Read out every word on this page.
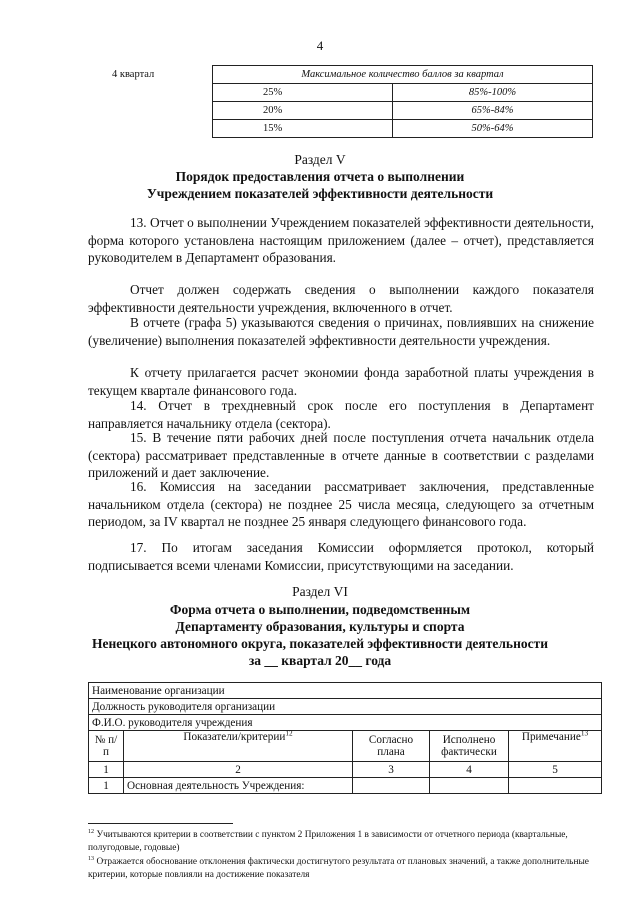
4
4 квартал	Максимальное количество баллов за квартал	
	25%	85%-100%
	20%	65%-84%
	15%	50%-64%
Раздел V
Порядок предоставления отчета о выполнении
Учреждением показателей эффективности деятельности
13. Отчет о выполнении Учреждением показателей эффективности деятельности, форма которого установлена настоящим приложением (далее – отчет), представляется руководителем в Департамент образования.
Отчет должен содержать сведения о выполнении каждого показателя эффективности деятельности учреждения, включенного в отчет.
В отчете (графа 5) указываются сведения о причинах, повлиявших на снижение (увеличение) выполнения показателей эффективности деятельности учреждения.
К отчету прилагается расчет экономии фонда заработной платы учреждения в текущем квартале финансового года.
14. Отчет в трехдневный срок после его поступления в Департамент направляется начальнику отдела (сектора).
15. В течение пяти рабочих дней после поступления отчета начальник отдела (сектора) рассматривает представленные в отчете данные в соответствии с разделами приложений и дает заключение.
16. Комиссия на заседании рассматривает заключения, представленные начальником отдела (сектора) не позднее 25 числа месяца, следующего за отчетным периодом, за IV квартал не позднее 25 января следующего финансового года.
17. По итогам заседания Комиссии оформляется протокол, который подписывается всеми членами Комиссии, присутствующими на заседании.
Раздел VI
Форма отчета о выполнении, подведомственным
Департаменту образования, культуры и спорта
Ненецкого автономного округа, показателей эффективности деятельности
за __ квартал 20__ года
Наименование организации				
Должность руководителя организации				
Ф.И.О. руководителя учреждения				
№ п/п	Показатели/критерии$^{12}$	Согласно плана	Исполнено фактически	Примечание$^{13}$
1	2	3	4	5
1	Основная деятельность Учреждения:			
$^{12}$ Учитываются критерии в соответствии с пунктом 2 Приложения 1 в зависимости от отчетного периода (квартальные, полугодовые, годовые)
$^{13}$ Отражается обоснование отклонения фактически достигнутого результата от плановых значений, а также дополнительные критерии, которые повлияли на достижение показателя
